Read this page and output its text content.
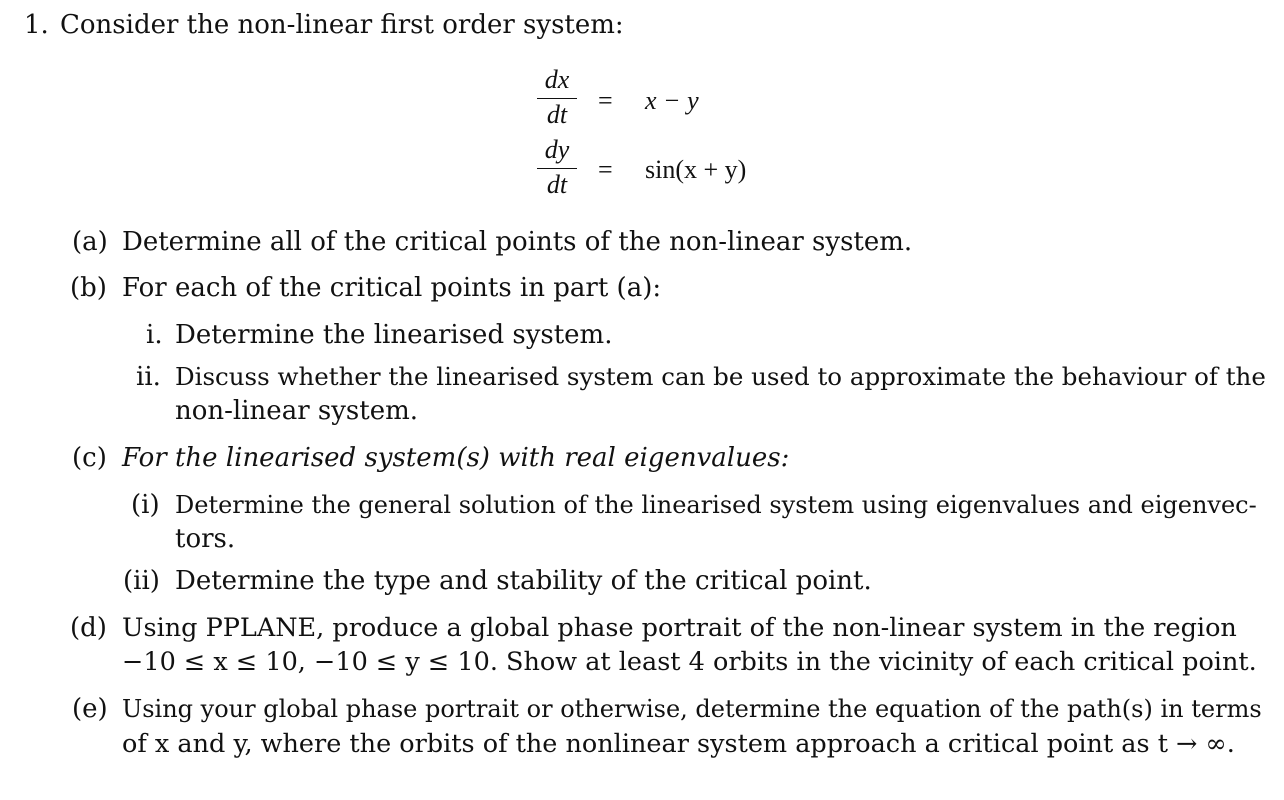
1. Consider the non-linear first order system:
dx
dt	= x − y
dy
dt
= sin(x + y)
(a) Determine all of the critical points of the non-linear system.
(b) For each of the critical points in part (a):
i. Determine the linearised system.
ii. Discuss whether the linearised system can be used to approximate the behaviour of the
non-linear system.
(c) For the linearised system(s) with real eigenvalues:
(i) Determine the general solution of the linearised system using eigenvalues and eigenvec-
tors.
(ii) Determine the type and stability of the critical point.
(d) Using PPLANE, produce a global phase portrait of the non-linear system in the region
−10 ≤ x ≤ 10, −10 ≤ y ≤ 10. Show at least 4 orbits in the vicinity of each critical point.
(e) Using your global phase portrait or otherwise, determine the equation of the path(s) in terms
of x and y, where the orbits of the nonlinear system approach a critical point as t → ∞.
